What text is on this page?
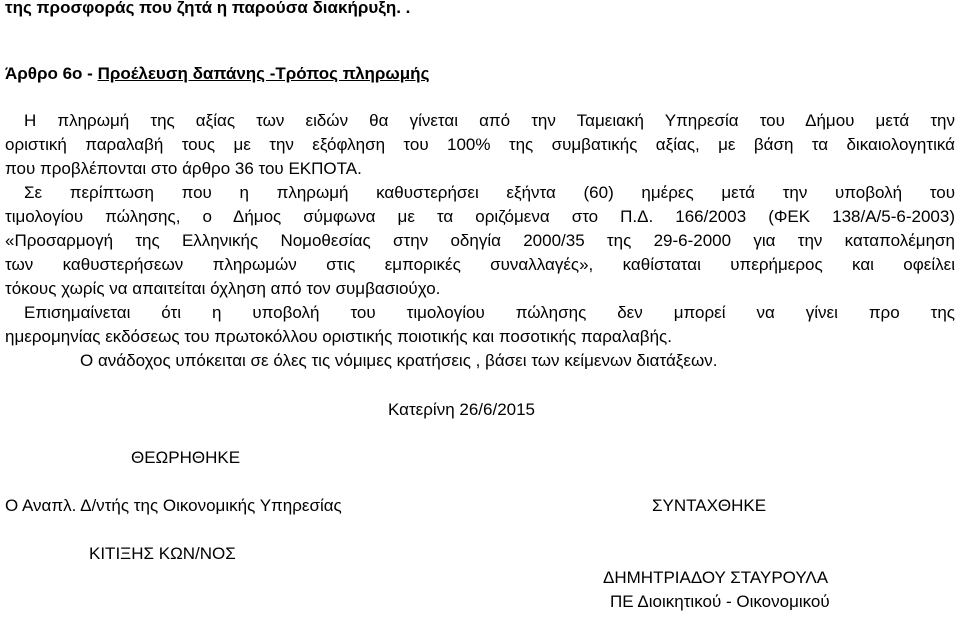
της προσφοράς που ζητά η παρούσα διακήρυξη. .
Άρθρο 6ο - Προέλευση δαπάνης -Τρόπος πληρωμής
Η πληρωμή της αξίας των ειδών θα γίνεται από την Ταμειακή Υπηρεσία του Δήμου μετά την
οριστική παραλαβή τους με την εξόφληση του 100% της συμβατικής αξίας, με βάση τα δικαιολογητικά
που προβλέπονται στο άρθρο 36 του ΕΚΠΟΤΑ.
Σε περίπτωση που η πληρωμή καθυστερήσει εξήντα (60) ημέρες μετά την υποβολή του
τιμολογίου πώλησης, ο Δήμος σύμφωνα με τα οριζόμενα στο Π.Δ. 166/2003 (ΦΕΚ 138/Α/5-6-2003)
«Προσαρμογή της Ελληνικής Νομοθεσίας στην οδηγία 2000/35 της 29-6-2000 για την καταπολέμηση
των καθυστερήσεων πληρωμών στις εμπορικές συναλλαγές», καθίσταται υπερήμερος και οφείλει
τόκους χωρίς να απαιτείται όχληση από τον συμβασιούχο.
Επισημαίνεται ότι η υποβολή του τιμολογίου πώλησης δεν μπορεί να γίνει προ της
ημερομηνίας εκδόσεως του πρωτοκόλλου οριστικής ποιοτικής και ποσοτικής παραλαβής.
Ο ανάδοχος υπόκειται σε όλες τις νόμιμες κρατήσεις , βάσει των κείμενων διατάξεων.
Κατερίνη 26/6/2015
ΘΕΩΡΗΘΗΚΕ
Ο Αναπλ. Δ/ντής της Οικονομικής Υπηρεσίας
ΚΙΤΙΞΗΣ ΚΩΝ/ΝΟΣ
ΣΥΝΤΑΧΘΗΚΕ
ΔΗΜΗΤΡΙΑΔΟΥ ΣΤΑΥΡΟΥΛΑ
ΠΕ Διοικητικού - Οικονομικού
